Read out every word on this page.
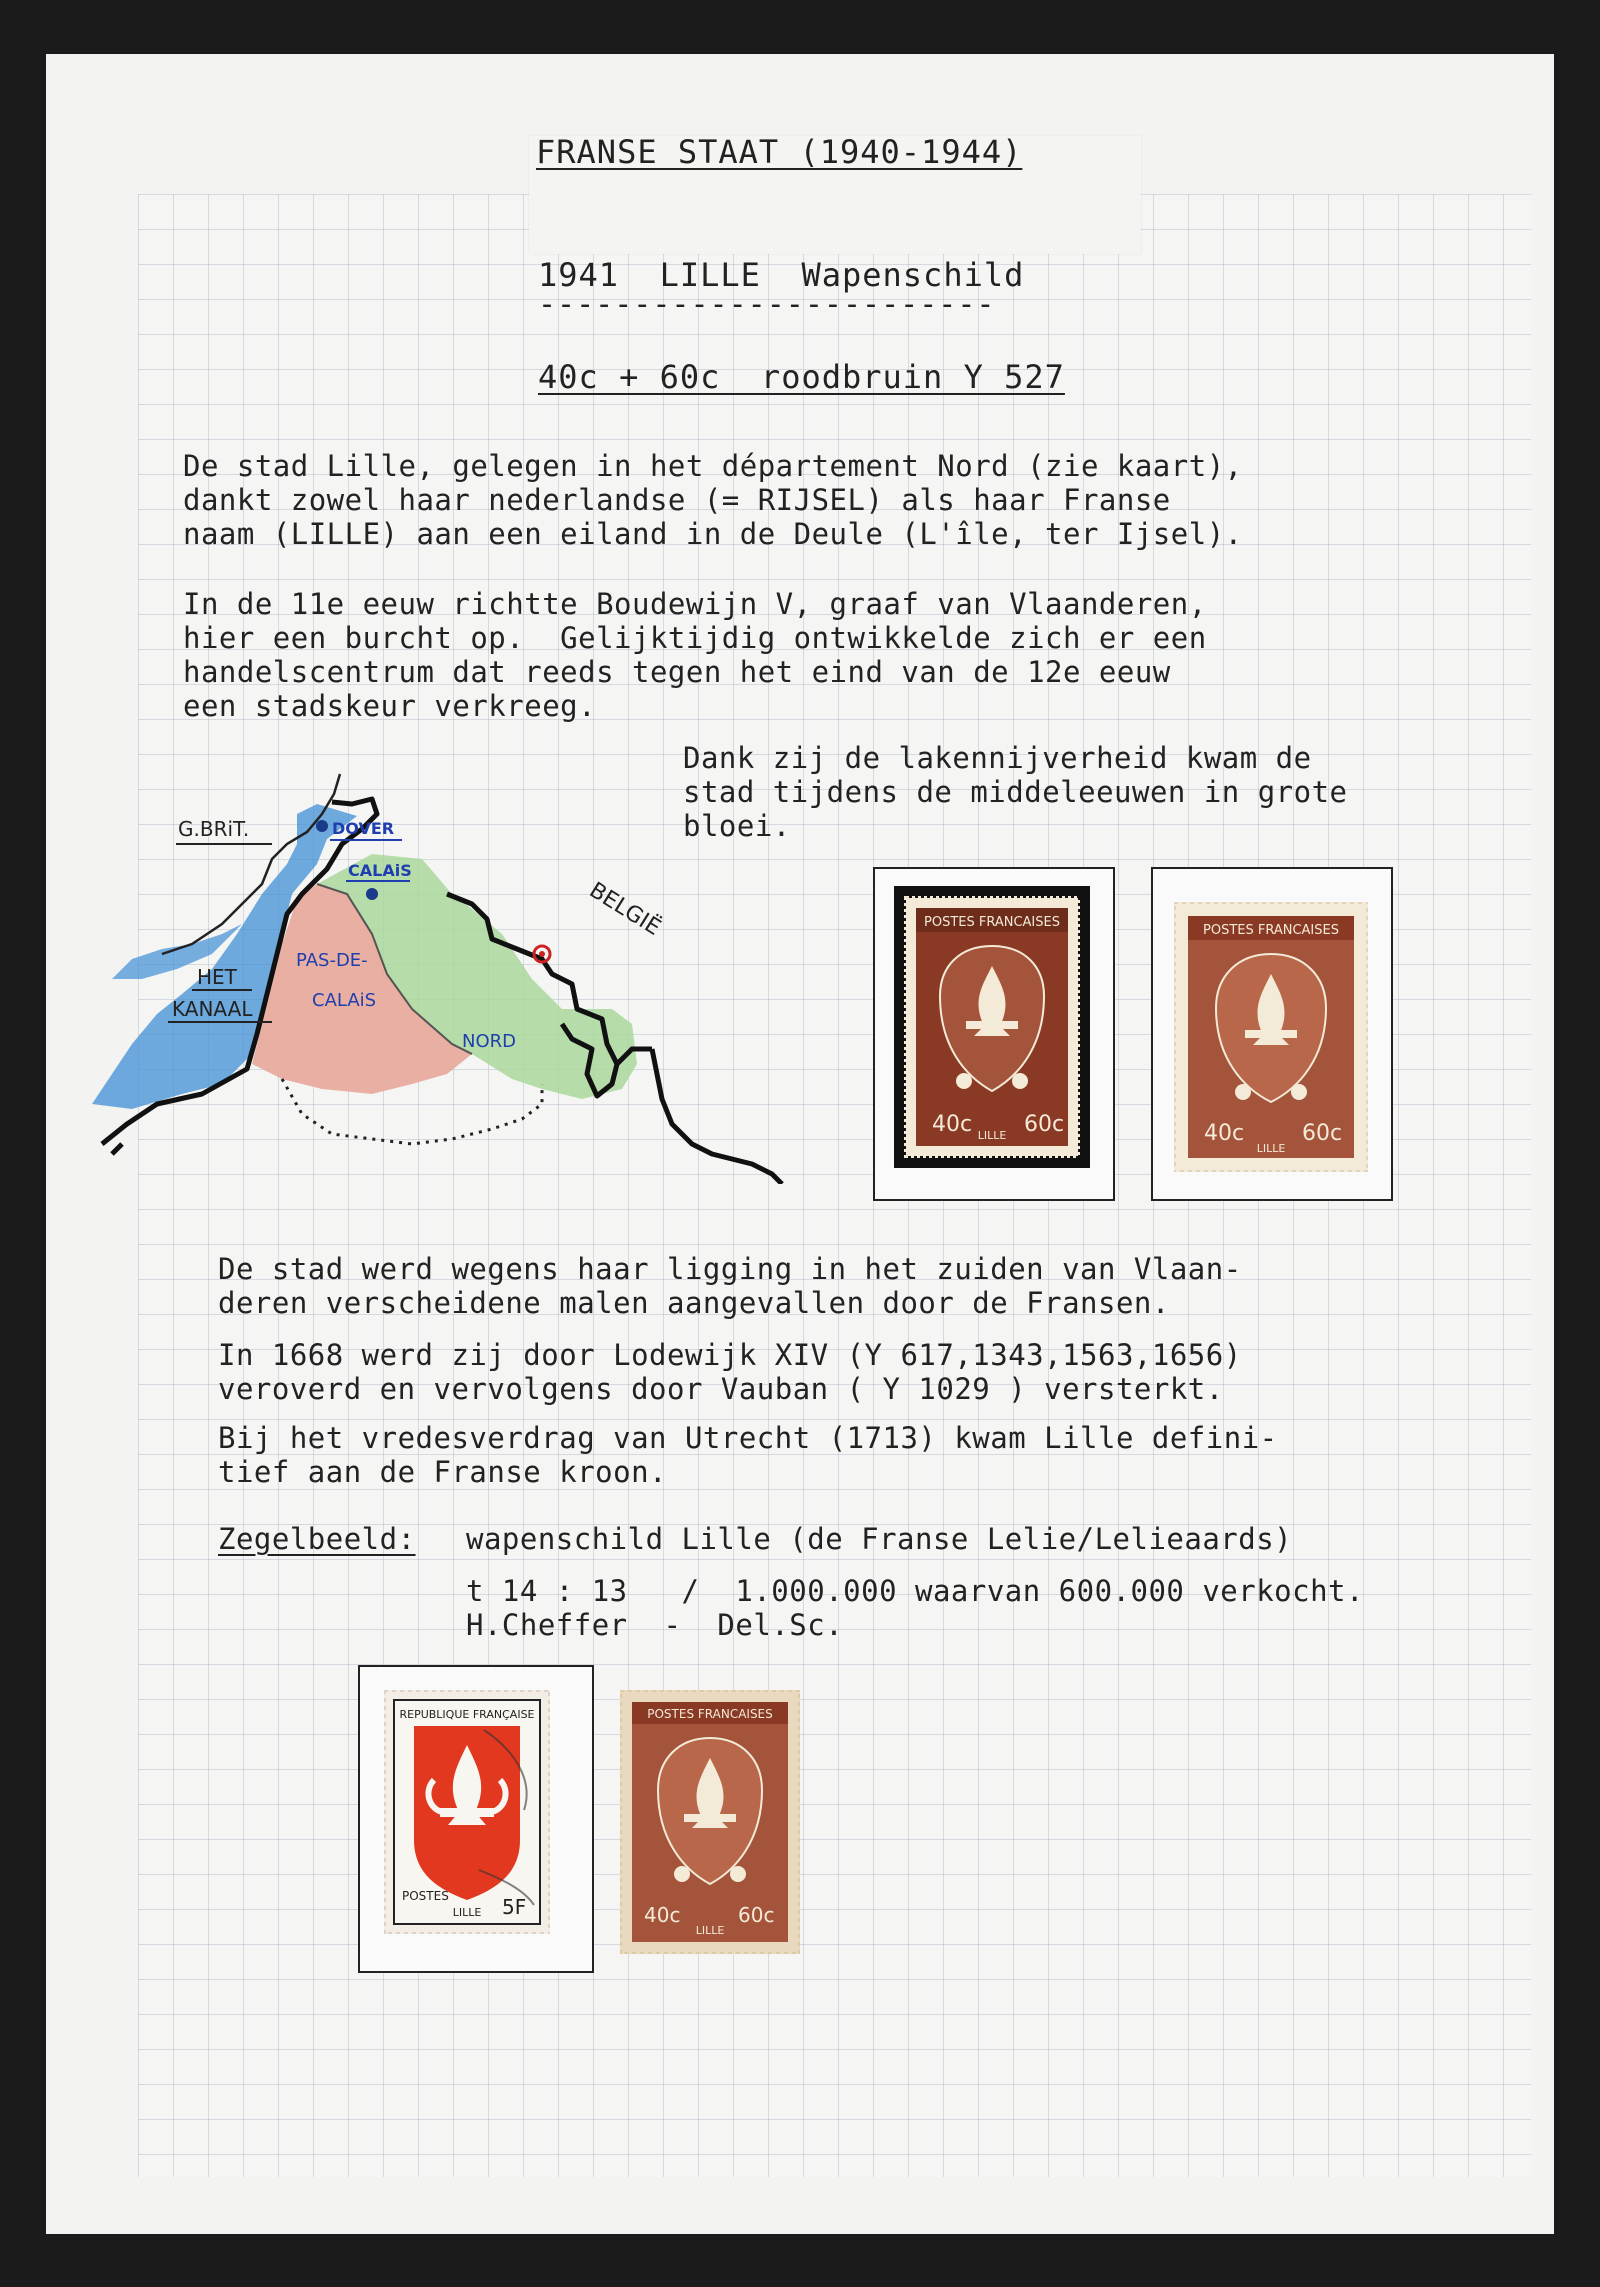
FRANSE STAAT (1940-1944)
1941  LILLE  Wapenschild
------------------------
40c + 60c  roodbruin Y 527
De stad Lille, gelegen in het département Nord (zie kaart),
dankt zowel haar nederlandse (= RIJSEL) als haar Franse
naam (LILLE) aan een eiland in de Deule (L'île, ter Ijsel).
In de 11e eeuw richtte Boudewijn V, graaf van Vlaanderen,
hier een burcht op.  Gelijktijdig ontwikkelde zich er een
handelscentrum dat reeds tegen het eind van de 12e eeuw
een stadskeur verkreeg.
Dank zij de lakennijverheid kwam de
stad tijdens de middeleeuwen in grote
bloei.
G.BRiT.	DOVER
CALAiS
BELGIË
HET
KANAAL
PAS-DE-
CALAiS
NORD
POSTES FRANCAISES
40c 60c
LILLE
POSTES FRANCAISES
40c	60c
LILLE
De stad werd wegens haar ligging in het zuiden van Vlaan-
deren verscheidene malen aangevallen door de Fransen.
In 1668 werd zij door Lodewijk XIV (Y 617,1343,1563,1656)
veroverd en vervolgens door Vauban ( Y 1029 ) versterkt.
Bij het vredesverdrag van Utrecht (1713) kwam Lille defini-
tief aan de Franse kroon.
Zegelbeeld: wapenschild Lille (de Franse Lelie/Lelieaards)
t 14 : 13   /  1.000.000 waarvan 600.000 verkocht.
H.Cheffer  -  Del.Sc.
REPUBLIQUE FRANÇAISE
POSTES
LILLE 5F
POSTES FRANCAISES
40c	60c
LILLE
